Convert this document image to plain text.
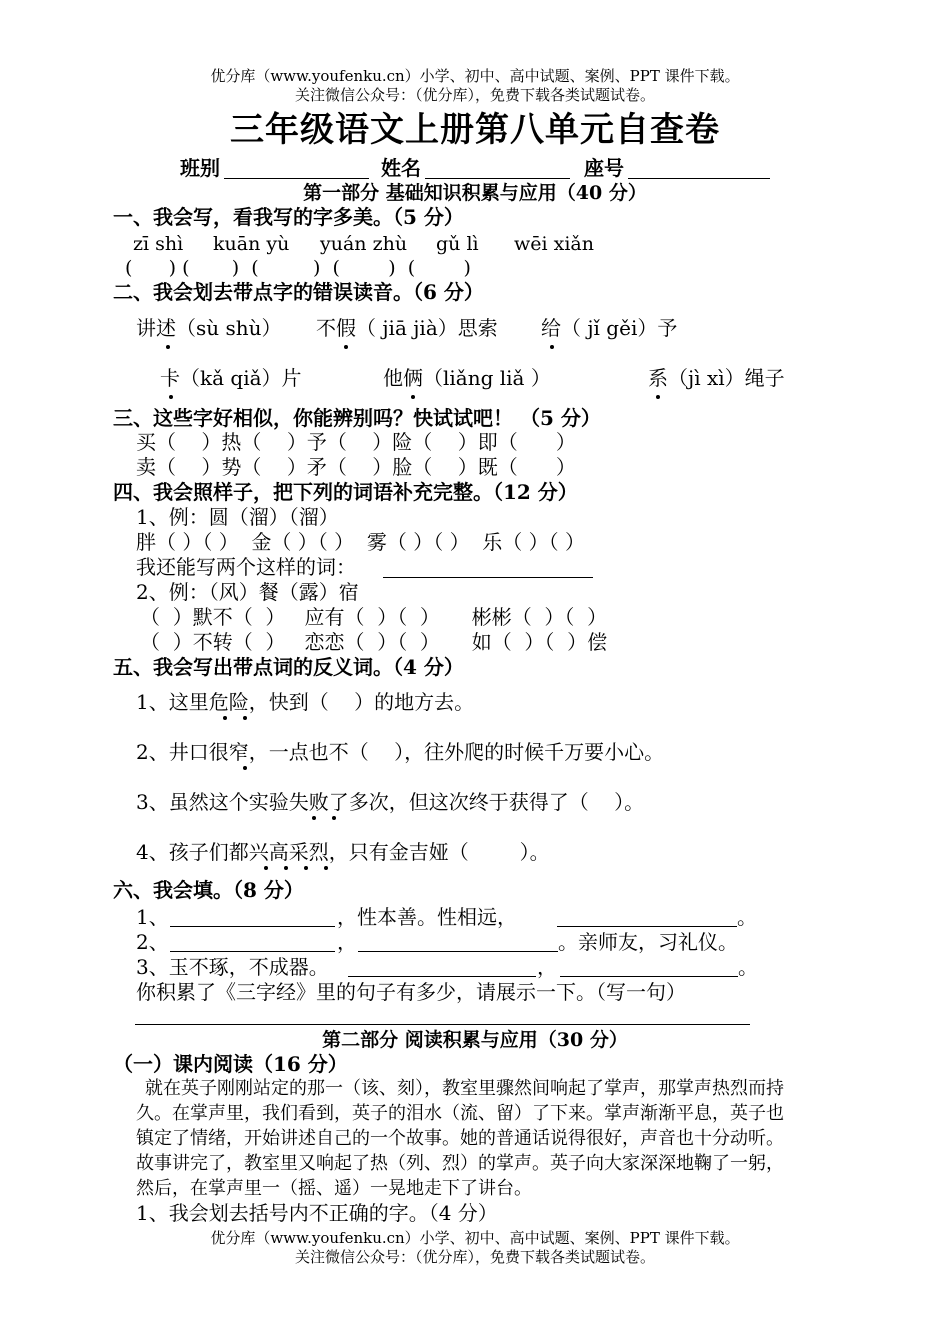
优分库（www.youfenku.cn）小学、初中、高中试题、案例、PPT 课件下载。
关注微信公众号：（优分库），免费下载各类试题试卷。
三年级语文上册第八单元自查卷
班别	姓名	座号
第一部分 基础知识积累与应用（40 分）
一、我会写，看我写的字多美。（5 分）
zī shì kuān yù yuán zhù gǔ lì wēi xiǎn
(      ) (       )  (         )  (        )  (        )
二、我会划去带点字的错误读音。（6 分）
讲述（sù shù） 不假（ jiā jià）思索 给（ jǐ gěi）予
卡（kǎ qiǎ）片	他俩（liǎng liǎ ）	系（jì xì）绳子
三、这些字好相似，你能辨别吗？快试试吧！ （5 分）
买（    ）热（    ）予（    ）险（    ）即（      ）
卖（    ）势（    ）矛（    ）脸（    ）既（      ）
四、我会照样子，把下列的词语补充完整。（12 分）
1、例：圆（溜）（溜）
胖（ ）（ ）  金（ ）（ ）  雾（ ）（ ）  乐（ ）（ ）
我还能写两个这样的词：
2、例：（风）餐（露）宿
（  ）默不（  ）   应有（  ）（  ）     彬彬（  ）（  ）
（  ）不转（  ）   恋恋（  ）（  ）     如（  ）（  ）偿
五、我会写出带点词的反义词。（4 分）
1、这里危险，快到（    ）的地方去。
2、井口很窄，一点也不（    ），往外爬的时候千万要小心。
3、虽然这个实验失败了多次，但这次终于获得了（    ）。
4、孩子们都兴高采烈，只有金吉娅（        ）。
六、我会填。（8 分）
1、	，性本善。性相远，	。
2、	，	。亲师友，习礼仪。
3、玉不琢，不成器。	，	。
你积累了《三字经》里的句子有多少，请展示一下。（写一句）
第二部分 阅读积累与应用（30 分）
（一）课内阅读（16 分）
就在英子刚刚站定的那一（该、刻），教室里骤然间响起了掌声，那掌声热烈而持
久。在掌声里，我们看到，英子的泪水（流、留）了下来。掌声渐渐平息，英子也
镇定了情绪，开始讲述自己的一个故事。她的普通话说得很好，声音也十分动听。
故事讲完了，教室里又响起了热（列、烈）的掌声。英子向大家深深地鞠了一躬，
然后，在掌声里一（摇、遥）一晃地走下了讲台。
1、我会划去括号内不正确的字。（4 分）
优分库（www.youfenku.cn）小学、初中、高中试题、案例、PPT 课件下载。
关注微信公众号：（优分库），免费下载各类试题试卷。
